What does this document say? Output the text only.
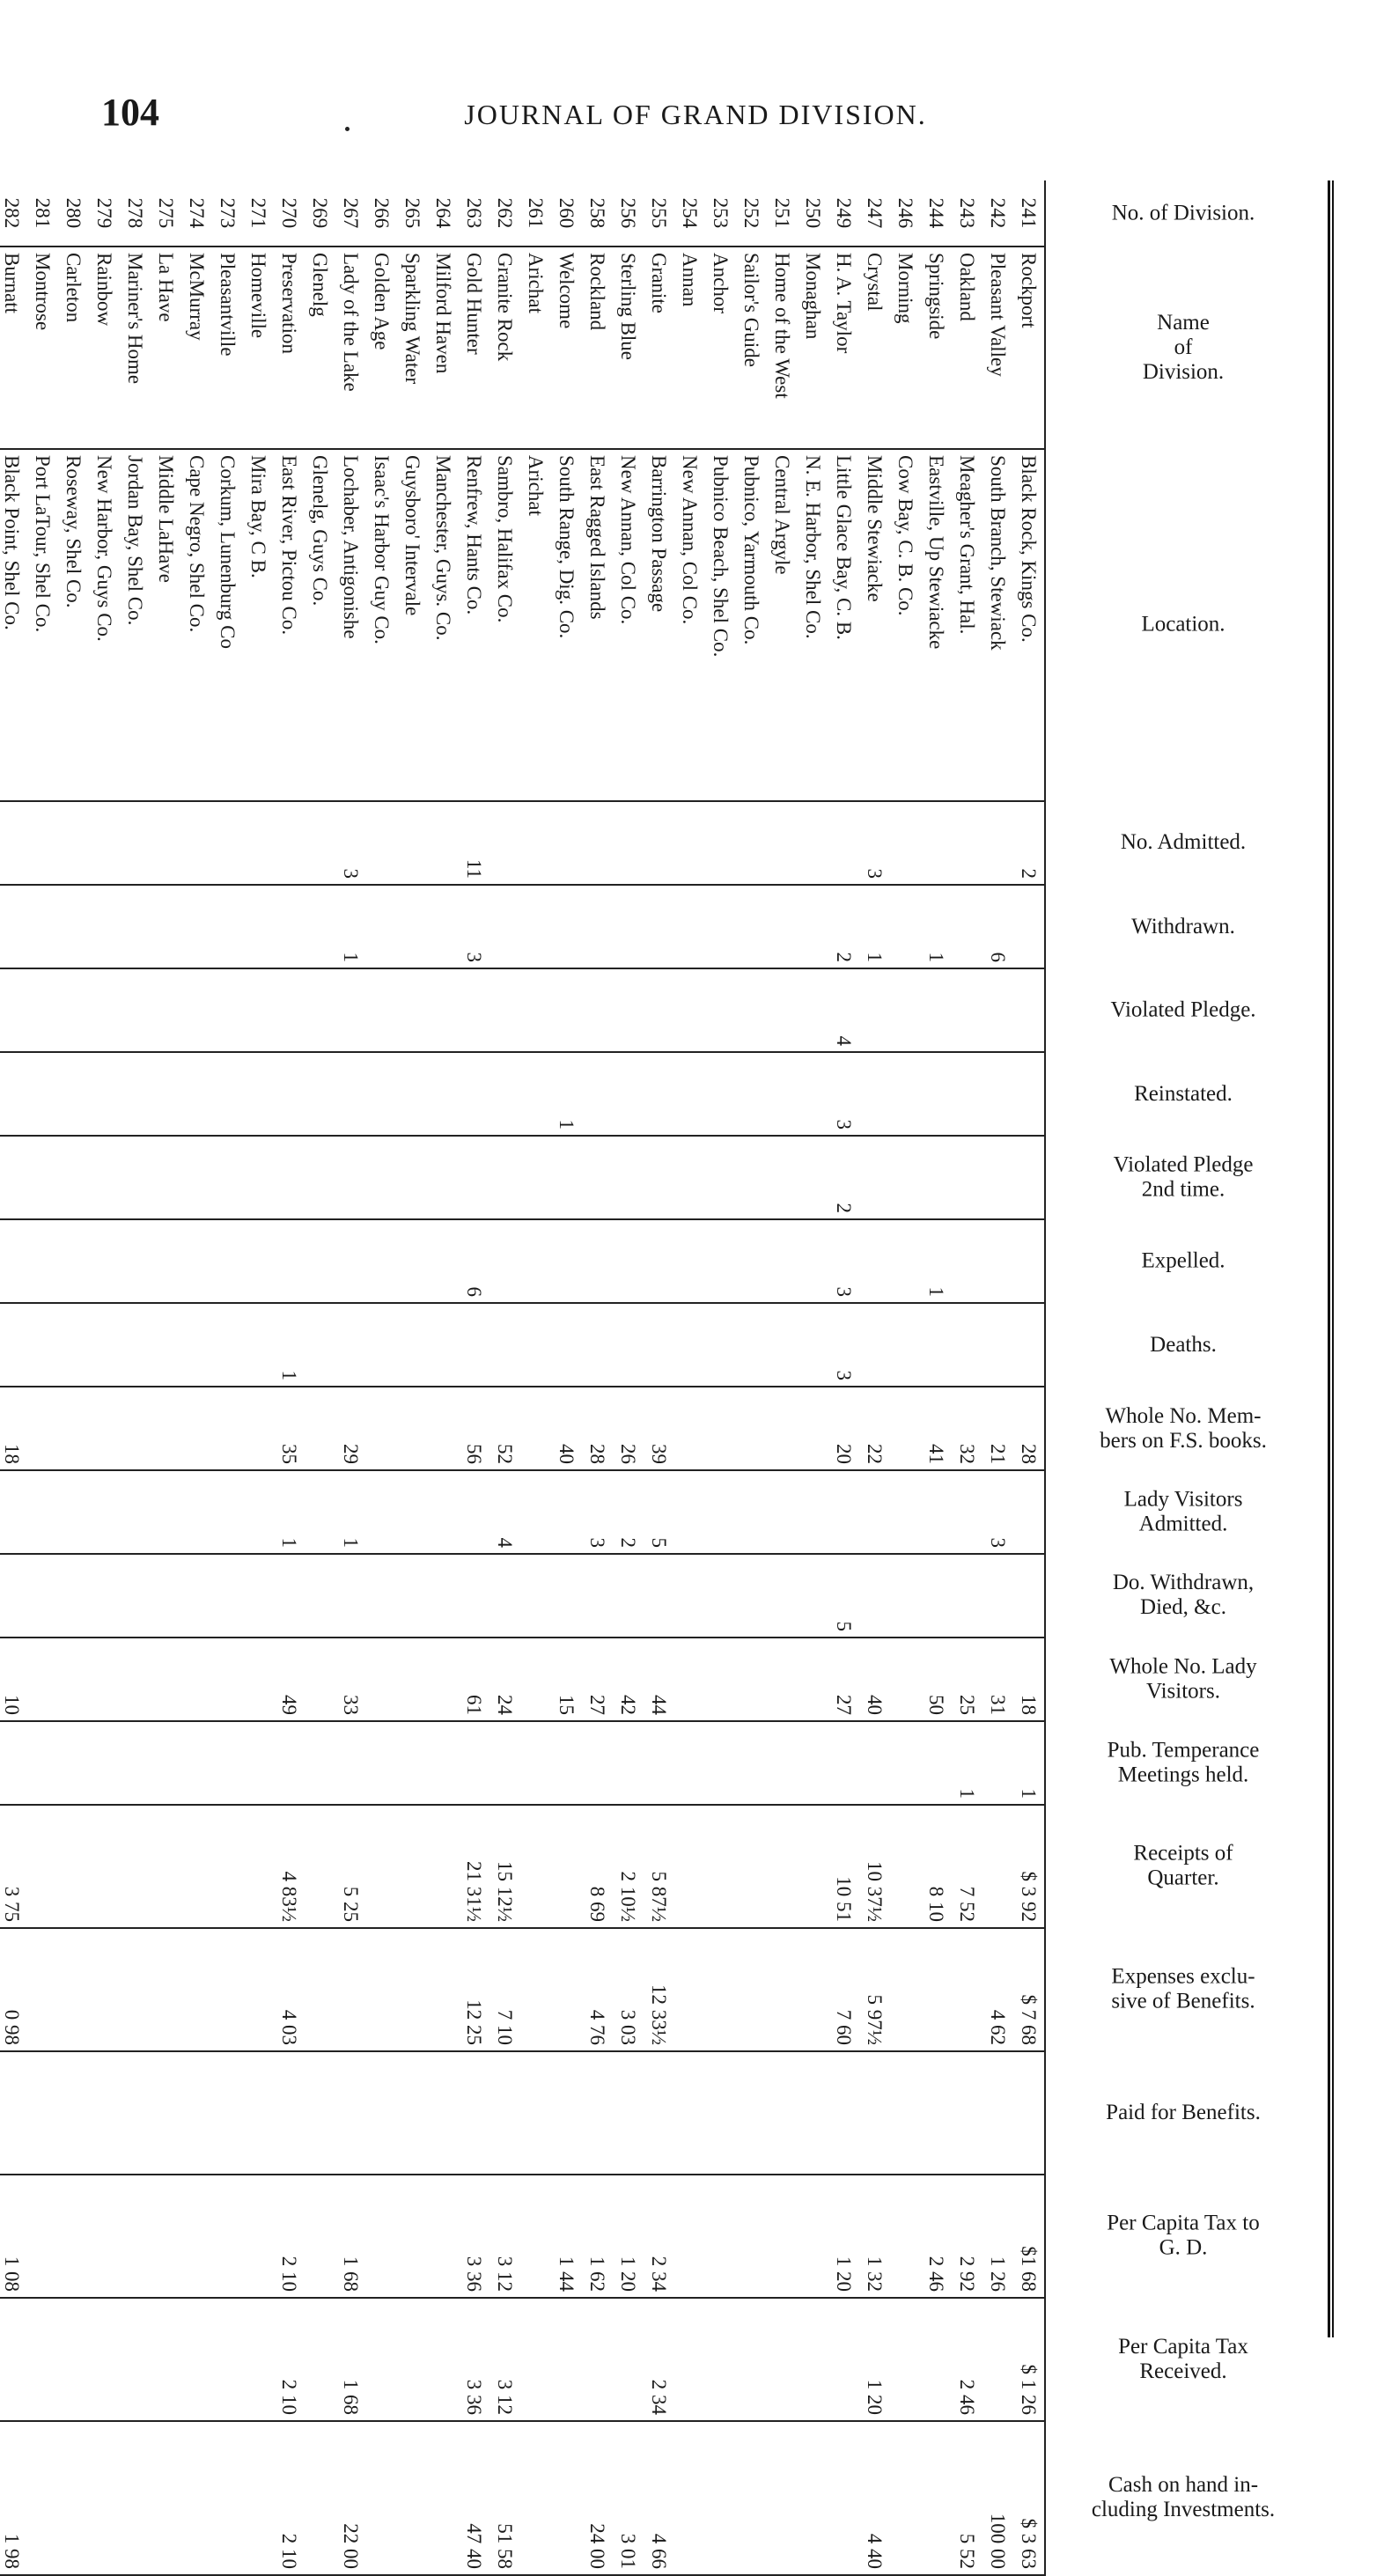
104	JOURNAL OF GRAND DIVISION.
No. of Division.	Name
of
Division.	Location.	No. Admitted.	Withdrawn.	Violated Pledge.	Reinstated.	Violated Pledge
2nd time.	Expelled.	Deaths.	Whole No. Mem-
bers on F.S. books.	Lady Visitors
Admitted.	Do. Withdrawn,
Died, &c.	Whole No. Lady
Visitors.	Pub. Temperance
Meetings held.	Receipts of
Quarter.	Expenses exclu-
sive of Benefits.	Paid for Benefits.	Per Capita Tax to
G. D.	Per Capita Tax
Received.	Cash on hand in-
cluding Investments.

241	Rockport	Black Rock, Kings Co.	2							28			18	1	$ 3 92	$ 7 68		$1 68	$ 1 26	$ 3 63
242	Pleasant Valley	South Branch, Stewiack		6						21	3		31			4 62		1 26		100 00
243	Oakland	Meagher's Grant, Hal.								32			25	1	7 52			2 92	2 46	5 52
244	Springside	Eastville, Up Stewiacke		1				1		41			50		8 10			2 46		
246	Morning	Cow Bay, C. B. Co.																		
247	Crystal	Middle Stewiacke	3	1						22			40		10 37½	5 97½		1 32	1 20	4 40
249	H. A. Taylor	Little Glace Bay, C. B.		2	4	3	2	3	3	20		5	27		10 51	7 60		1 20		
250	Monaghan	N. E. Harbor, Shel Co.																		
251	Home of the West	Central Argyle																		
252	Sailor's Guide	Pubnico, Yarmouth Co.																		
253	Anchor	Pubnico Beach, Shel Co.																		
254	Annan	New Annan, Col Co.																		
255	Granite	Barrington Passage								39	5		44		5 87½	12 33½		2 34	2 34	4 66
256	Sterling Blue	New Annan, Col Co.								26	2		42		2 10½	3 03		1 20		3 01
258	Rockland	East Ragged Islands								28	3		27		8 69	4 76		1 62		24 00
260	Welcome	South Range, Dig. Co.				1				40			15					1 44		
261	Arichat	Arichat																		
262	Granite Rock	Sambro, Halifax Co.								52	4		24		15 12½	7 10		3 12	3 12	51 58
263	Gold Hunter	Renfrew, Hants Co.	11	3				6		56			61		21 31½	12 25		3 36	3 36	47 40
264	Milford Haven	Manchester, Guys. Co.																		
265	Sparkling Water	Guysboro' Intervale																		
266	Golden Age	Isaac's Harbor Guy Co.																		
267	Lady of the Lake	Lochaber, Antigonishe	3	1						29	1		33		5 25			1 68	1 68	22 00
269	Glenelg	Glenelg, Guys Co.																		
270	Preservation	East River, Pictou Co.							1	35	1		49		4 83½	4 03		2 10	2 10	2 10
271	Homeville	Mira Bay, C B.																		
273	Pleasantville	Corkum, Lunenburg Co																		
274	McMurray	Cape Negro, Shel Co.																		
275	La Have	Middle LaHave																		
278	Mariner's Home	Jordan Bay, Shel Co.																		
279	Rainbow	New Harbor, Guys Co.																		
280	Carleton	Roseway, Shel Co.																		
281	Montrose	Port LaTour, Shel Co.																		
282	Burnatt	Black Point, Shel Co.								18			10		3 75	0 98		1 08		1 98
